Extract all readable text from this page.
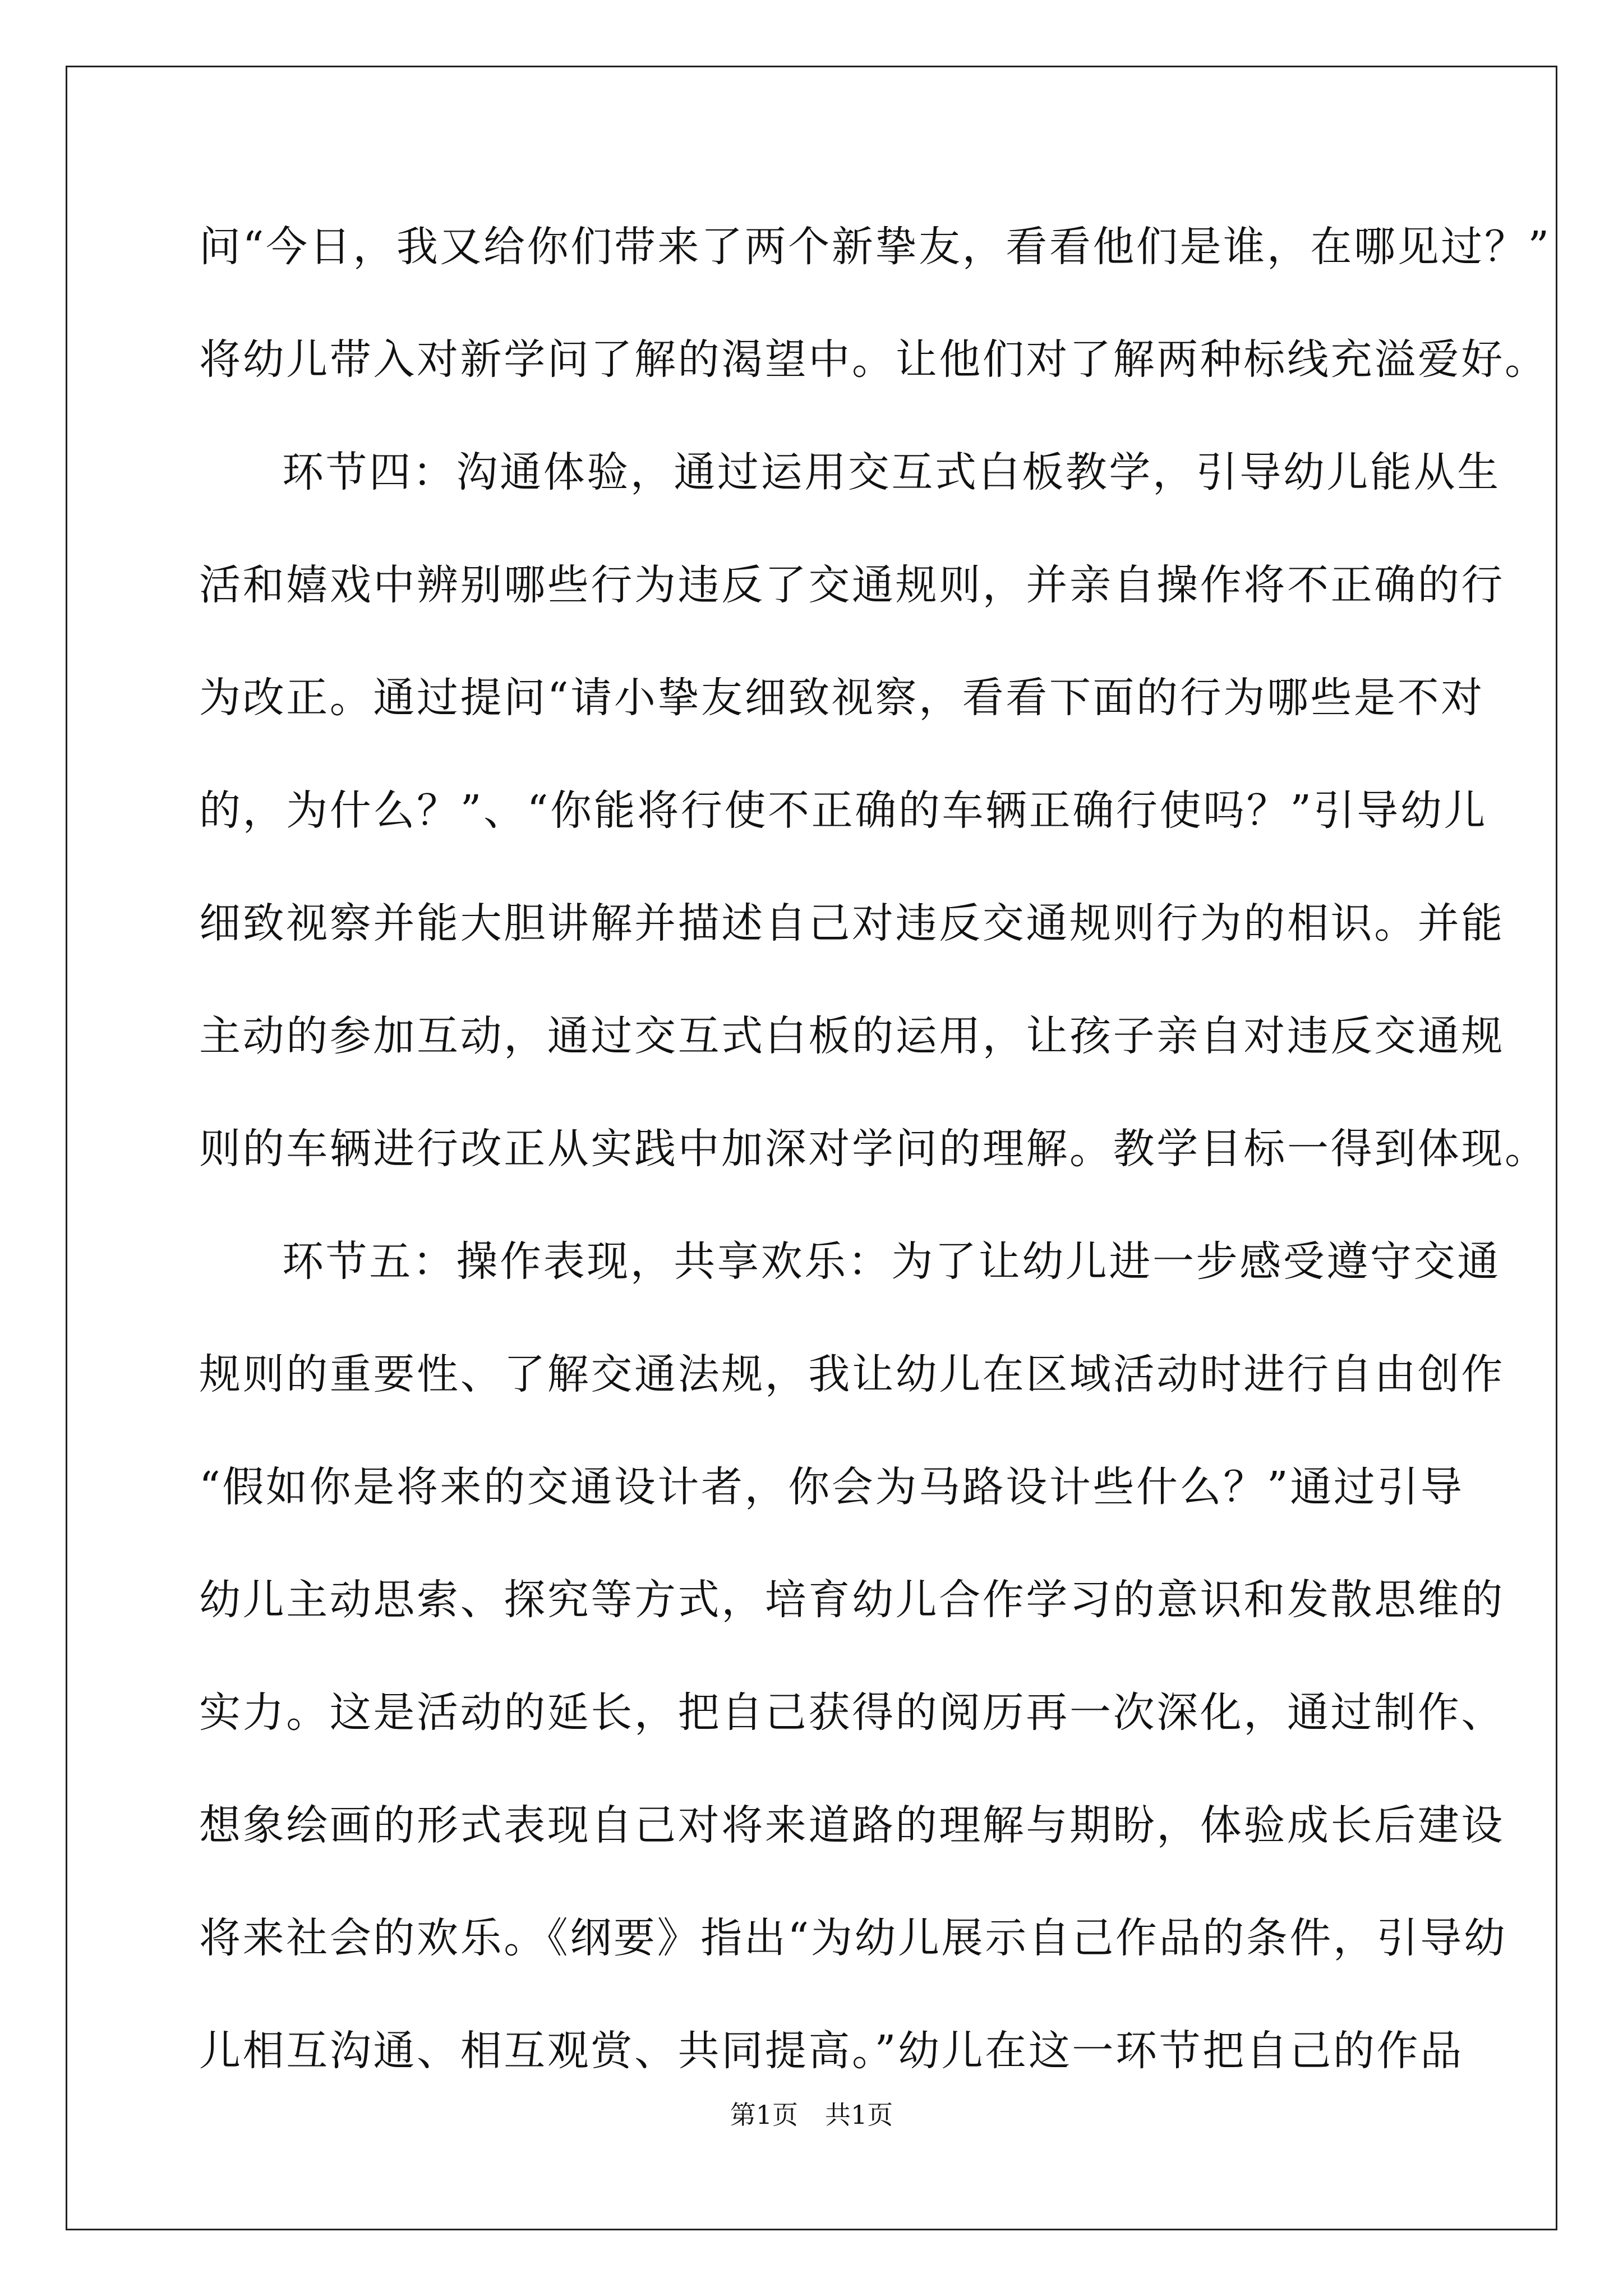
问“今日，我又给你们带来了两个新挚友，看看他们是谁，在哪见过？”
将幼儿带入对新学问了解的渴望中。让他们对了解两种标线充溢爱好。
环节四：沟通体验，通过运用交互式白板教学，引导幼儿能从生
活和嬉戏中辨别哪些行为违反了交通规则，并亲自操作将不正确的行
为改正。通过提问“请小挚友细致视察，看看下面的行为哪些是不对
的，为什么？”、“你能将行使不正确的车辆正确行使吗？”引导幼儿
细致视察并能大胆讲解并描述自己对违反交通规则行为的相识。并能
主动的参加互动，通过交互式白板的运用，让孩子亲自对违反交通规
则的车辆进行改正从实践中加深对学问的理解。教学目标一得到体现。
环节五：操作表现，共享欢乐：为了让幼儿进一步感受遵守交通
规则的重要性、了解交通法规，我让幼儿在区域活动时进行自由创作
“假如你是将来的交通设计者，你会为马路设计些什么？”通过引导
幼儿主动思索、探究等方式，培育幼儿合作学习的意识和发散思维的
实力。这是活动的延长，把自己获得的阅历再一次深化，通过制作、
想象绘画的形式表现自己对将来道路的理解与期盼，体验成长后建设
将来社会的欢乐。《纲要》指出“为幼儿展示自己作品的条件，引导幼
儿相互沟通、相互观赏、共同提高。”幼儿在这一环节把自己的作品
第1页 共1页
